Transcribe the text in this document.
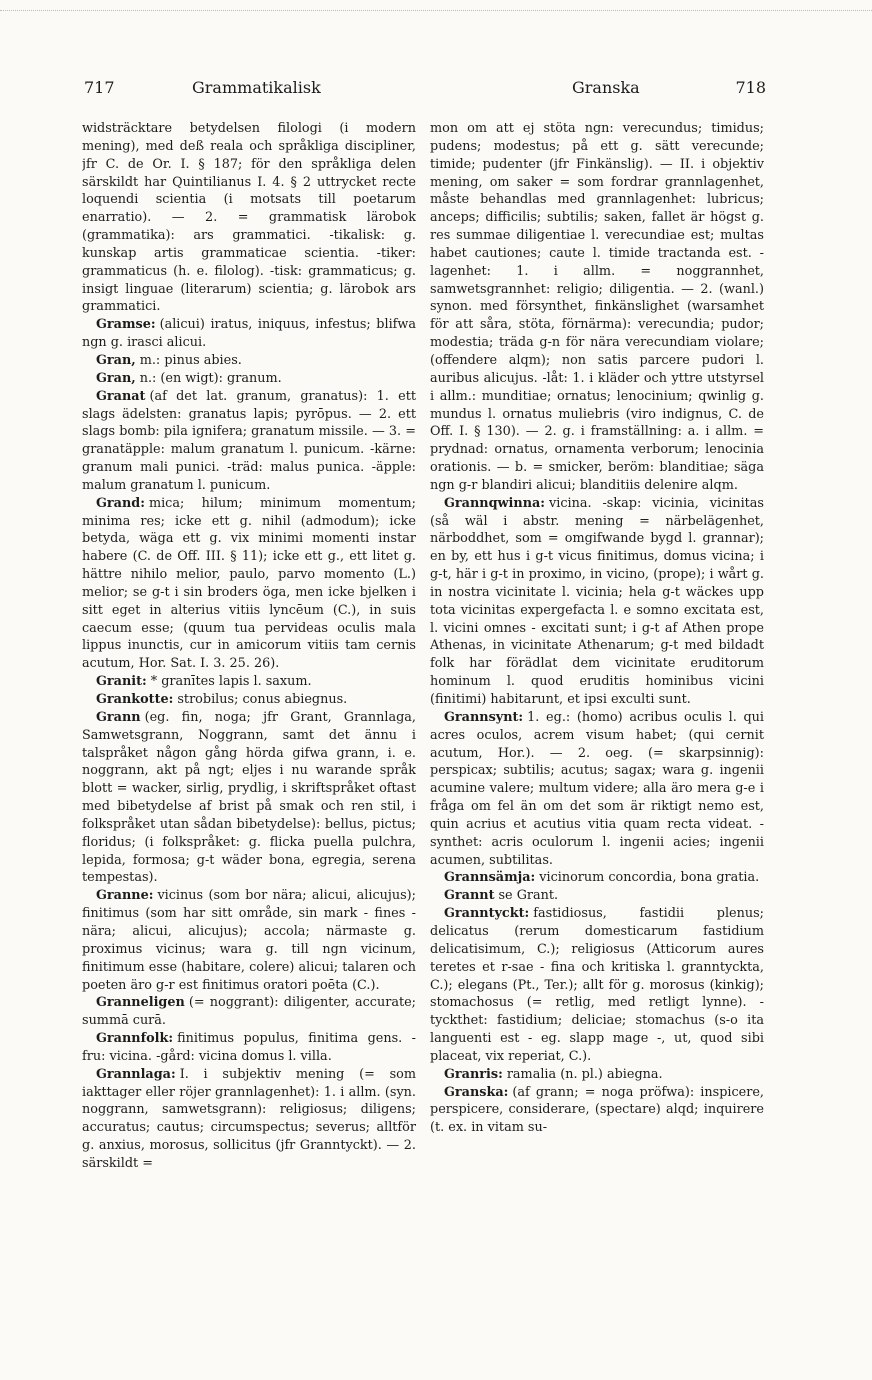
717	Grammatikalisk	Granska	718

widsträcktare betydelsen filologi (i modern mening), med deß reala och språkliga discipliner, jfr C. de Or. I. § 187; för den språkliga delen särskildt har Quintilianus I. 4. § 2 uttrycket recte loquendi scientia (i motsats till poetarum enarratio). — 2. = grammatisk lärobok (grammatika): ars grammatici. -tikalisk: g. kunskap artis grammaticae scientia. -tiker: grammaticus (h. e. filolog). -tisk: grammaticus; g. insigt linguae (literarum) scientia; g. lärobok ars grammatici.

Gramse: (alicui) iratus, iniquus, infestus; blifwa ngn g. irasci alicui.

Gran, m.: pinus abies.

Gran, n.: (en wigt): granum.

Granat (af det lat. granum, granatus): 1. ett slags ädelsten: granatus lapis; pyrōpus. — 2. ett slags bomb: pila ignifera; granatum missile. — 3. = granatäpple: malum granatum l. punicum. -kärne: granum mali punici. -träd: malus punica. -äpple: malum granatum l. punicum.

Grand: mica; hilum; minimum momentum; minima res; icke ett g. nihil (admodum); icke betyda, wäga ett g. vix minimi momenti instar habere (C. de Off. III. § 11); icke ett g., ett litet g. hättre nihilo melior, paulo, parvo momento (L.) melior; se g-t i sin broders öga, men icke bjelken i sitt eget in alterius vitiis lyncēum (C.), in suis caecum esse; (quum tua pervideas oculis mala lippus inunctis, cur in amicorum vitiis tam cernis acutum, Hor. Sat. I. 3. 25. 26).

Granit: * granītes lapis l. saxum.

Grankotte: strobilus; conus abiegnus.

Grann (eg. fin, noga; jfr Grant, Grannlaga, Samwetsgrann, Noggrann, samt det ännu i talspråket någon gång hörda gifwa grann, i. e. noggrann, akt på ngt; eljes i nu warande språk blott = wacker, sirlig, prydlig, i skriftspråket oftast med bibetydelse af brist på smak och ren stil, i folkspråket utan sådan bibetydelse): bellus, pictus; floridus; (i folkspråket: g. flicka puella pulchra, lepida, formosa; g-t wäder bona, egregia, serena tempestas).

Granne: vicinus (som bor nära; alicui, alicujus); finitimus (som har sitt område, sin mark - fines - nära; alicui, alicujus); accola; närmaste g. proximus vicinus; wara g. till ngn vicinum, finitimum esse (habitare, colere) alicui; talaren och poeten äro g-r est finitimus oratori poēta (C.).

Granneligen (= noggrant): diligenter, accurate; summā curā.

Grannfolk: finitimus populus, finitima gens. -fru: vicina. -gård: vicina domus l. villa.

Grannlaga: I. i subjektiv mening (= som iakttager eller röjer grannlagenhet): 1. i allm. (syn. noggrann, samwetsgrann): religiosus; diligens; accuratus; cautus; circumspectus; severus; alltför g. anxius, morosus, sollicitus (jfr Granntyckt). — 2. särskildt =

mon om att ej stöta ngn: verecundus; timidus; pudens; modestus; på ett g. sätt verecunde; timide; pudenter (jfr Finkänslig). — II. i objektiv mening, om saker = som fordrar grannlagenhet, måste behandlas med grannlagenhet: lubricus; anceps; difficilis; subtilis; saken, fallet är högst g. res summae diligentiae l. verecundiae est; multas habet cautiones; caute l. timide tractanda est. -lagenhet: 1. i allm. = noggrannhet, samwetsgrannhet: religio; diligentia. — 2. (wanl.) synon. med försynthet, finkänslighet (warsamhet för att såra, stöta, förnärma): verecundia; pudor; modestia; träda g-n för nära verecundiam violare; (offendere alqm); non satis parcere pudori l. auribus alicujus. -låt: 1. i kläder och yttre utstyrsel i allm.: munditiae; ornatus; lenocinium; qwinlig g. mundus l. ornatus muliebris (viro indignus, C. de Off. I. § 130). — 2. g. i framställning: a. i allm. = prydnad: ornatus, ornamenta verborum; lenocinia orationis. — b. = smicker, beröm: blanditiae; säga ngn g-r blandiri alicui; blanditiis delenire alqm.

Grannqwinna: vicina. -skap: vicinia, vicinitas (så wäl i abstr. mening = närbelägenhet, närboddhet, som = omgifwande bygd l. grannar); en by, ett hus i g-t vicus finitimus, domus vicina; i g-t, här i g-t in proximo, in vicino, (prope); i wårt g. in nostra vicinitate l. vicinia; hela g-t wäckes upp tota vicinitas expergefacta l. e somno excitata est, l. vicini omnes - excitati sunt; i g-t af Athen prope Athenas, in vicinitate Athenarum; g-t med bildadt folk har förädlat dem vicinitate eruditorum hominum l. quod eruditis hominibus vicini (finitimi) habitarunt, et ipsi exculti sunt.

Grannsynt: 1. eg.: (homo) acribus oculis l. qui acres oculos, acrem visum habet; (qui cernit acutum, Hor.). — 2. oeg. (= skarpsinnig): perspicax; subtilis; acutus; sagax; wara g. ingenii acumine valere; multum videre; alla äro mera g-e i fråga om fel än om det som är riktigt nemo est, quin acrius et acutius vitia quam recta videat. -synthet: acris oculorum l. ingenii acies; ingenii acumen, subtilitas.

Grannsämja: vicinorum concordia, bona gratia.

Grannt se Grant.

Granntyckt: fastidiosus, fastidii plenus; delicatus (rerum domesticarum fastidium delicatisimum, C.); religiosus (Atticorum aures teretes et r-sae - fina och kritiska l. granntyckta, C.); elegans (Pt., Ter.); allt för g. morosus (kinkig); stomachosus (= retlig, med retligt lynne). -tyckthet: fastidium; deliciae; stomachus (s-o ita languenti est - eg. slapp mage -, ut, quod sibi placeat, vix reperiat, C.).

Granris: ramalia (n. pl.) abiegna.

Granska: (af grann; = noga pröfwa): inspicere, perspicere, considerare, (spectare) alqd; inquirere (t. ex. in vitam su-
